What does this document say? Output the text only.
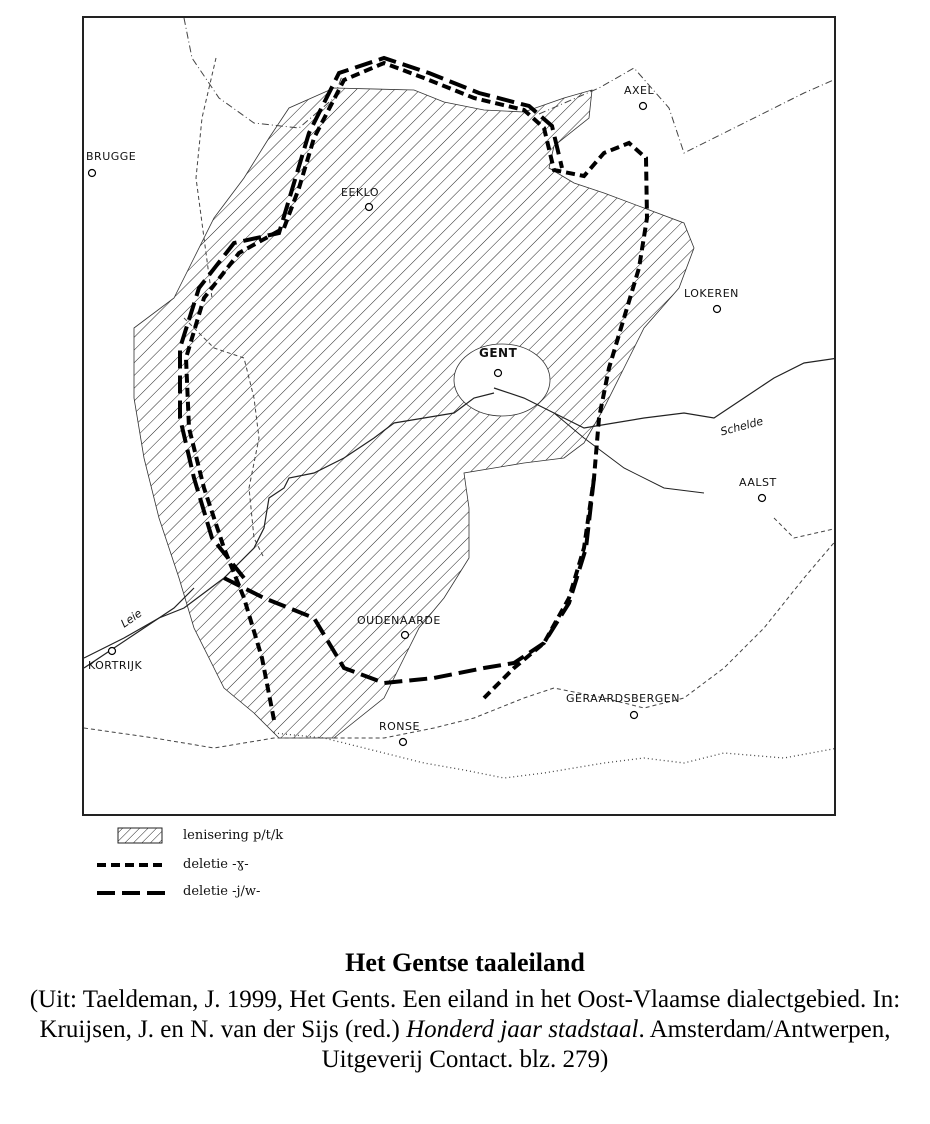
AXEL
BRUGGE
EEKLO
LOKEREN
GENT
AALST
OUDENAARDE
KORTRIJK
GERAARDSBERGEN
RONSE
Schelde
Leie
lenisering p/t/k
deletie -ɣ-
deletie -j/w-
Het Gentse taaleiland
(Uit: Taeldeman, J. 1999, Het Gents. Een eiland in het Oost-Vlaamse dialectgebied. In: Kruijsen, J. en N. van der Sijs (red.) Honderd jaar stadstaal. Amsterdam/Antwerpen, Uitgeverij Contact. blz. 279)
